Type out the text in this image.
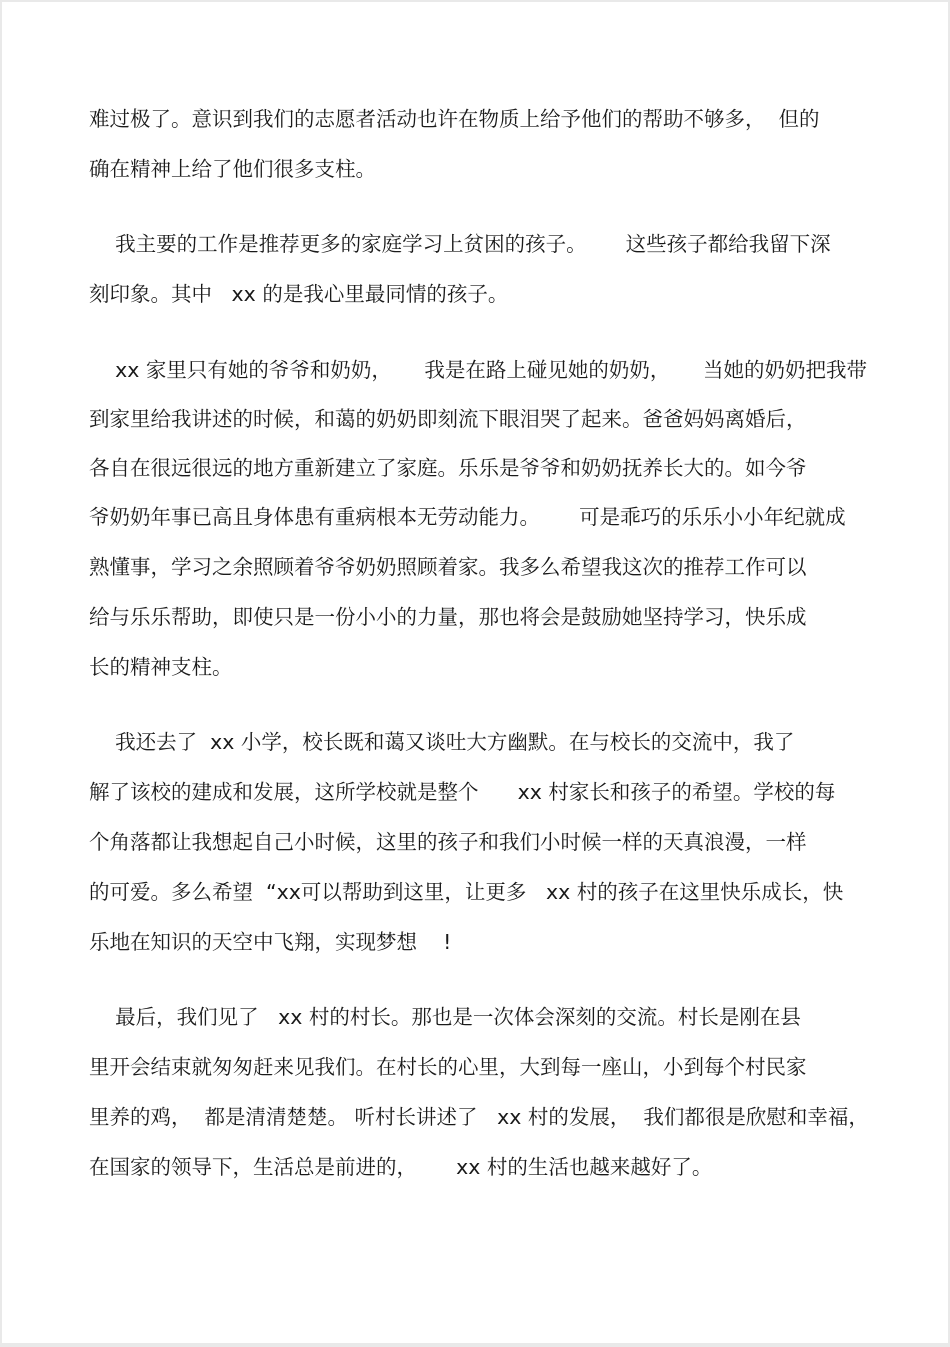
难过极了。意识到我们的志愿者活动也许在物质上给予他们的帮助不够多，  但的

确在精神上给了他们很多支柱。

我主要的工作是推荐更多的家庭学习上贫困的孩子。      这些孩子都给我留下深

刻印象。其中   xx 的是我心里最同情的孩子。

xx 家里只有她的爷爷和奶奶，     我是在路上碰见她的奶奶，     当她的奶奶把我带

到家里给我讲述的时候，和蔼的奶奶即刻流下眼泪哭了起来。爸爸妈妈离婚后，

各自在很远很远的地方重新建立了家庭。乐乐是爷爷和奶奶抚养长大的。如今爷

爷奶奶年事已高且身体患有重病根本无劳动能力。      可是乖巧的乐乐小小年纪就成

熟懂事，学习之余照顾着爷爷奶奶照顾着家。我多么希望我这次的推荐工作可以

给与乐乐帮助，即使只是一份小小的力量，那也将会是鼓励她坚持学习，快乐成

长的精神支柱。

我还去了  xx 小学，校长既和蔼又谈吐大方幽默。在与校长的交流中，我了

解了该校的建成和发展，这所学校就是整个      xx 村家长和孩子的希望。学校的每

个角落都让我想起自己小时候，这里的孩子和我们小时候一样的天真浪漫，一样

的可爱。多么希望  “xx可以帮助到这里，让更多   xx 村的孩子在这里快乐成长，快

乐地在知识的天空中飞翔，实现梦想    !

最后，我们见了   xx 村的村长。那也是一次体会深刻的交流。村长是刚在县

里开会结束就匆匆赶来见我们。在村长的心里，大到每一座山，小到每个村民家

里养的鸡，  都是清清楚楚。 听村长讲述了   xx 村的发展，  我们都很是欣慰和幸福，

在国家的领导下，生活总是前进的，      xx 村的生活也越来越好了。
